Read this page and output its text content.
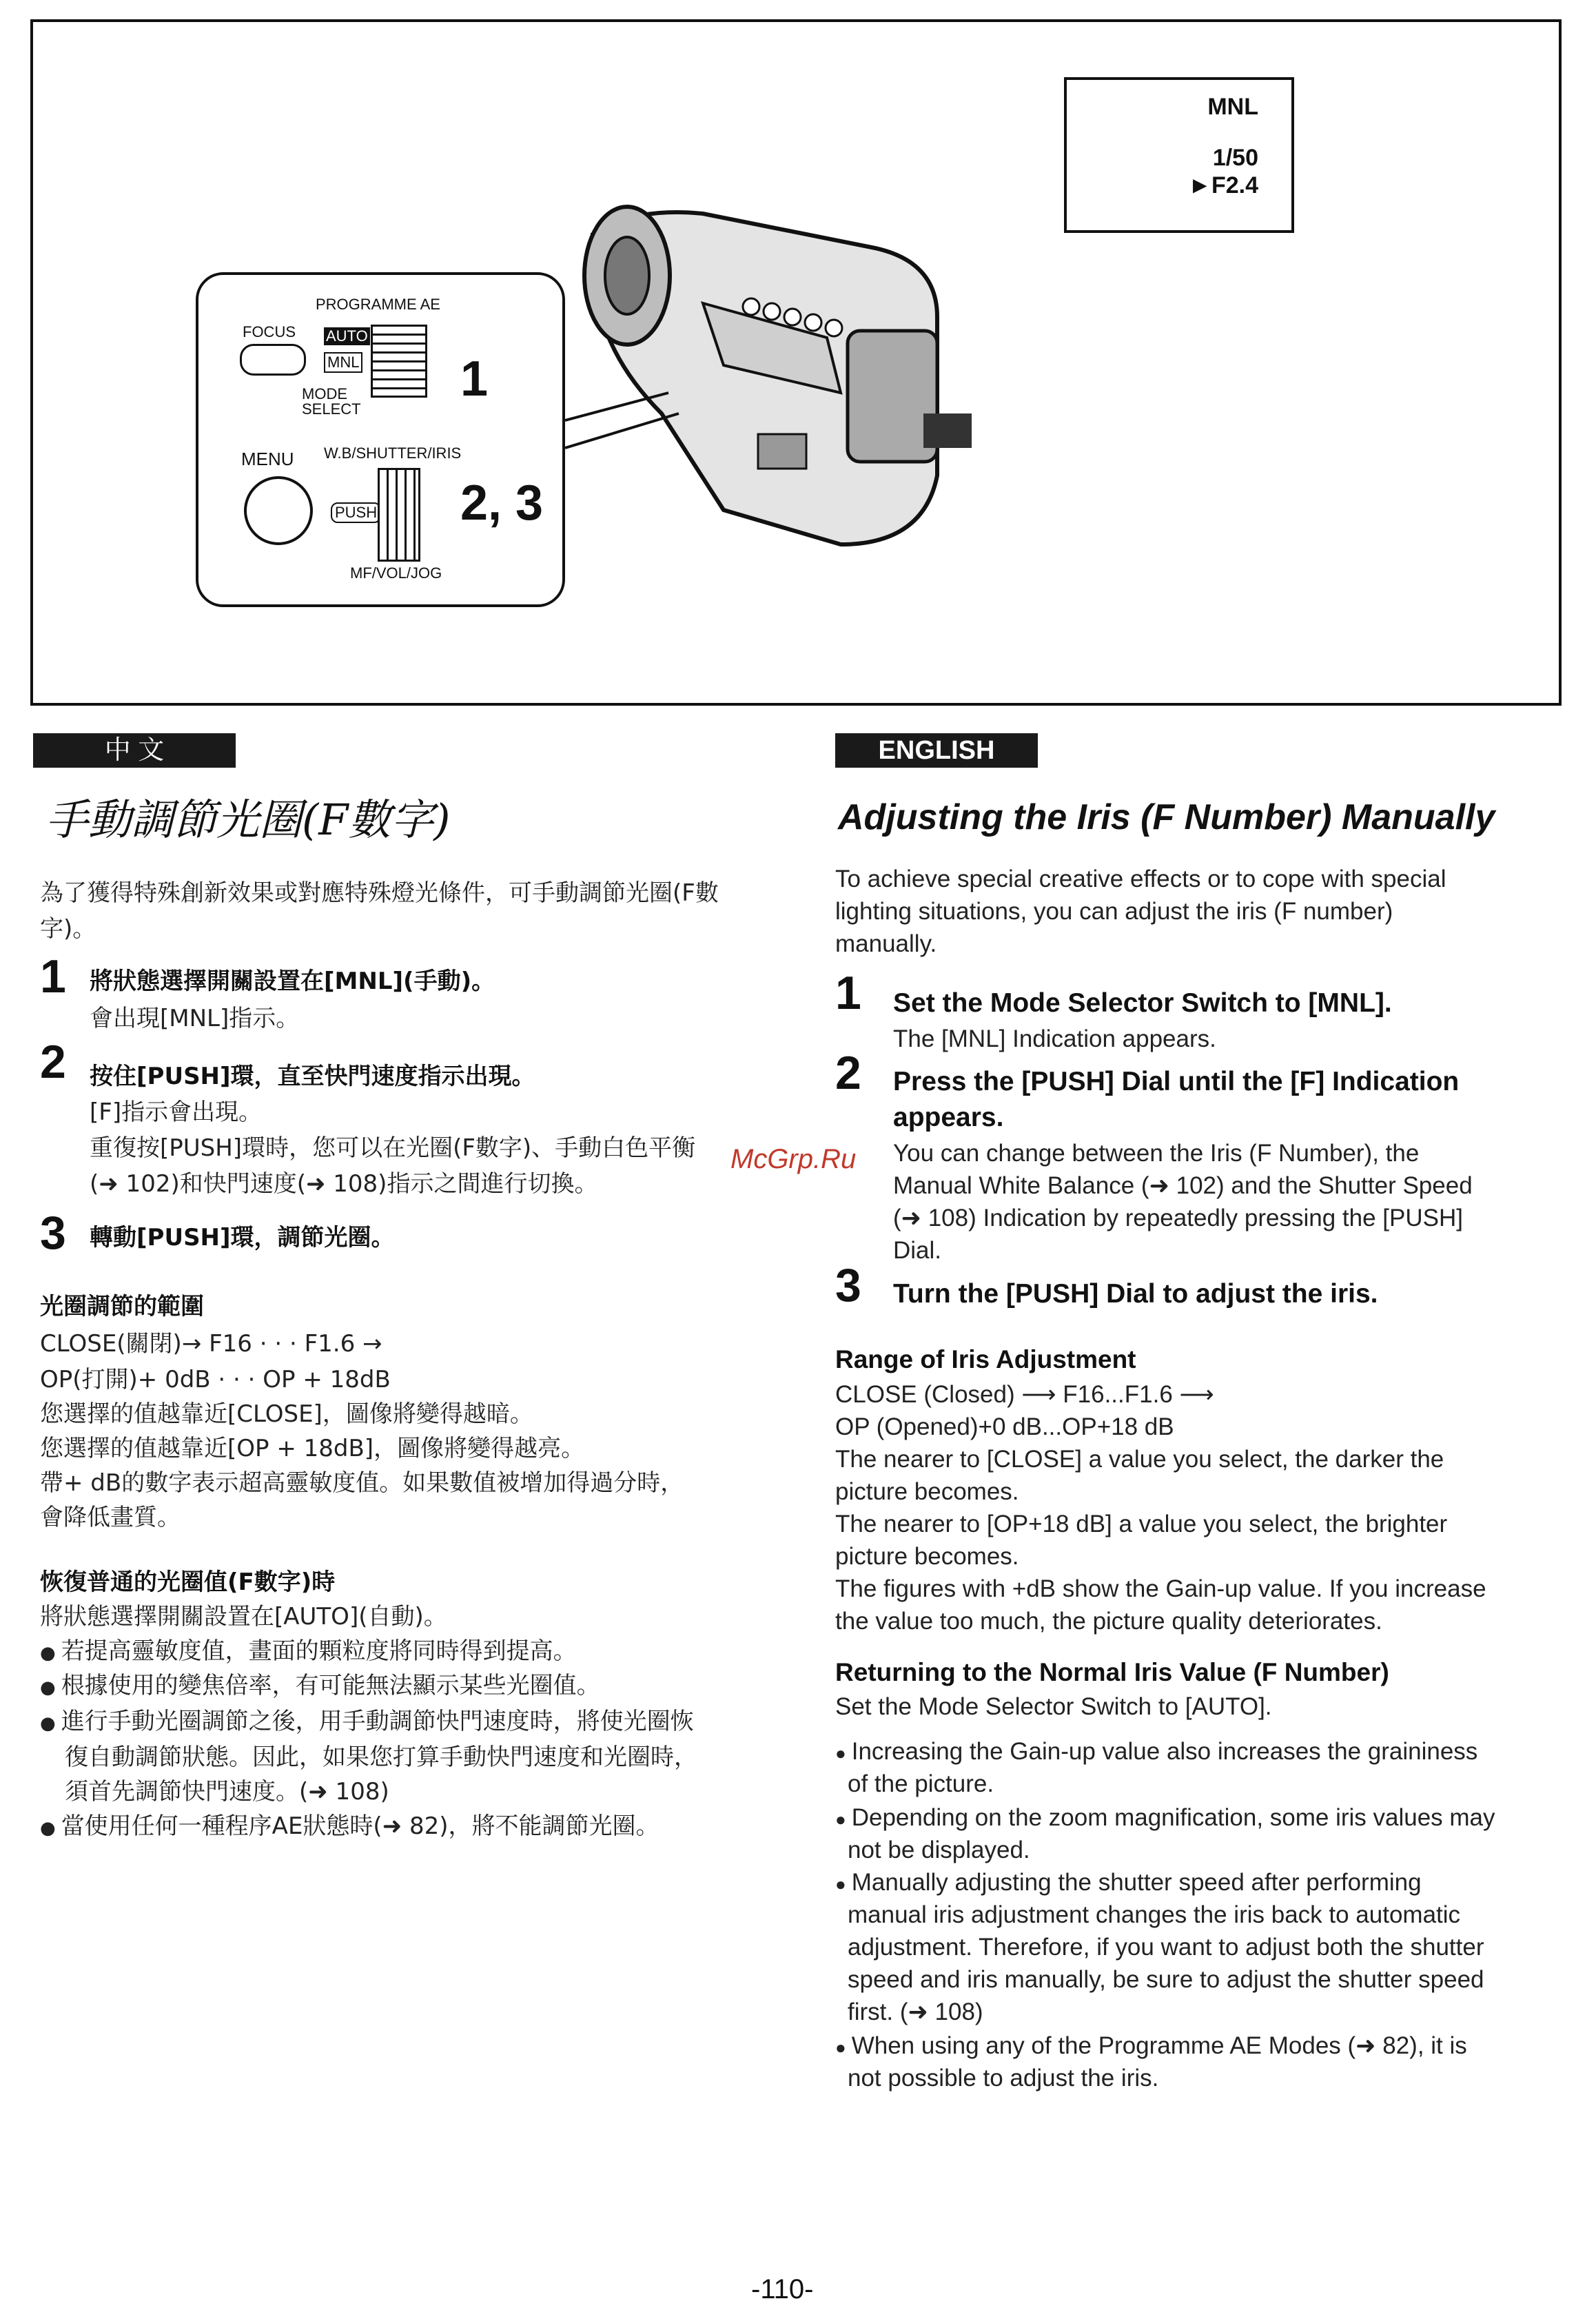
MNL
1/50
►F2.4
PROGRAMME AE
FOCUS AUTO
MNL
MODE
SELECT
1
W.B/SHUTTER/IRIS
MENU
PUSH 2, 3
MF/VOL/JOG
中 文
手動調節光圈(F數字)
為了獲得特殊創新效果或對應特殊燈光條件，可手動調節光圈(F數字)。
1 將狀態選擇開關設置在[MNL](手動)。
會出現[MNL]指示。
2 按住[PUSH]環，直至快門速度指示出現。
[F]指示會出現。
重復按[PUSH]環時，您可以在光圈(F數字)、手動白色平衡
(➜ 102)和快門速度(➜ 108)指示之間進行切換。
3 轉動[PUSH]環，調節光圈。
光圈調節的範圍
CLOSE(關閉)→ F16 · · · F1.6 →
OP(打開)+ 0dB · · · OP + 18dB
您選擇的值越靠近[CLOSE]，圖像將變得越暗。
您選擇的值越靠近[OP + 18dB]，圖像將變得越亮。
帶+ dB的數字表示超高靈敏度值。如果數值被增加得過分時，
會降低畫質。
恢復普通的光圈值(F數字)時
將狀態選擇開關設置在[AUTO](自動)。
● 若提高靈敏度值，畫面的顆粒度將同時得到提高。
● 根據使用的變焦倍率，有可能無法顯示某些光圈值。
● 進行手動光圈調節之後，用手動調節快門速度時，將使光圈恢
復自動調節狀態。因此，如果您打算手動快門速度和光圈時，
須首先調節快門速度。(➜ 108)
● 當使用任何一種程序AE狀態時(➜ 82)，將不能調節光圈。
McGrp.Ru
ENGLISH
Adjusting the Iris (F Number) Manually
To achieve special creative effects or to cope with special
lighting situations, you can adjust the iris (F number)
manually.
1 Set the Mode Selector Switch to [MNL].
The [MNL] Indication appears.
2 Press the [PUSH] Dial until the [F] Indication
appears.
You can change between the Iris (F Number), the
Manual White Balance (➜ 102) and the Shutter Speed
(➜ 108) Indication by repeatedly pressing the [PUSH]
Dial.
3 Turn the [PUSH] Dial to adjust the iris.
Range of Iris Adjustment
CLOSE (Closed) ⟶ F16...F1.6 ⟶
OP (Opened)+0 dB...OP+18 dB
The nearer to [CLOSE] a value you select, the darker the
picture becomes.
The nearer to [OP+18 dB] a value you select, the brighter
picture becomes.
The figures with +dB show the Gain-up value. If you increase
the value too much, the picture quality deteriorates.
Returning to the Normal Iris Value (F Number)
Set the Mode Selector Switch to [AUTO].
● Increasing the Gain-up value also increases the graininess
of the picture.
● Depending on the zoom magnification, some iris values may
not be displayed.
● Manually adjusting the shutter speed after performing
manual iris adjustment changes the iris back to automatic
adjustment. Therefore, if you want to adjust both the shutter
speed and iris manually, be sure to adjust the shutter speed
first. (➜ 108)
● When using any of the Programme AE Modes (➜ 82), it is
not possible to adjust the iris.
-110-
